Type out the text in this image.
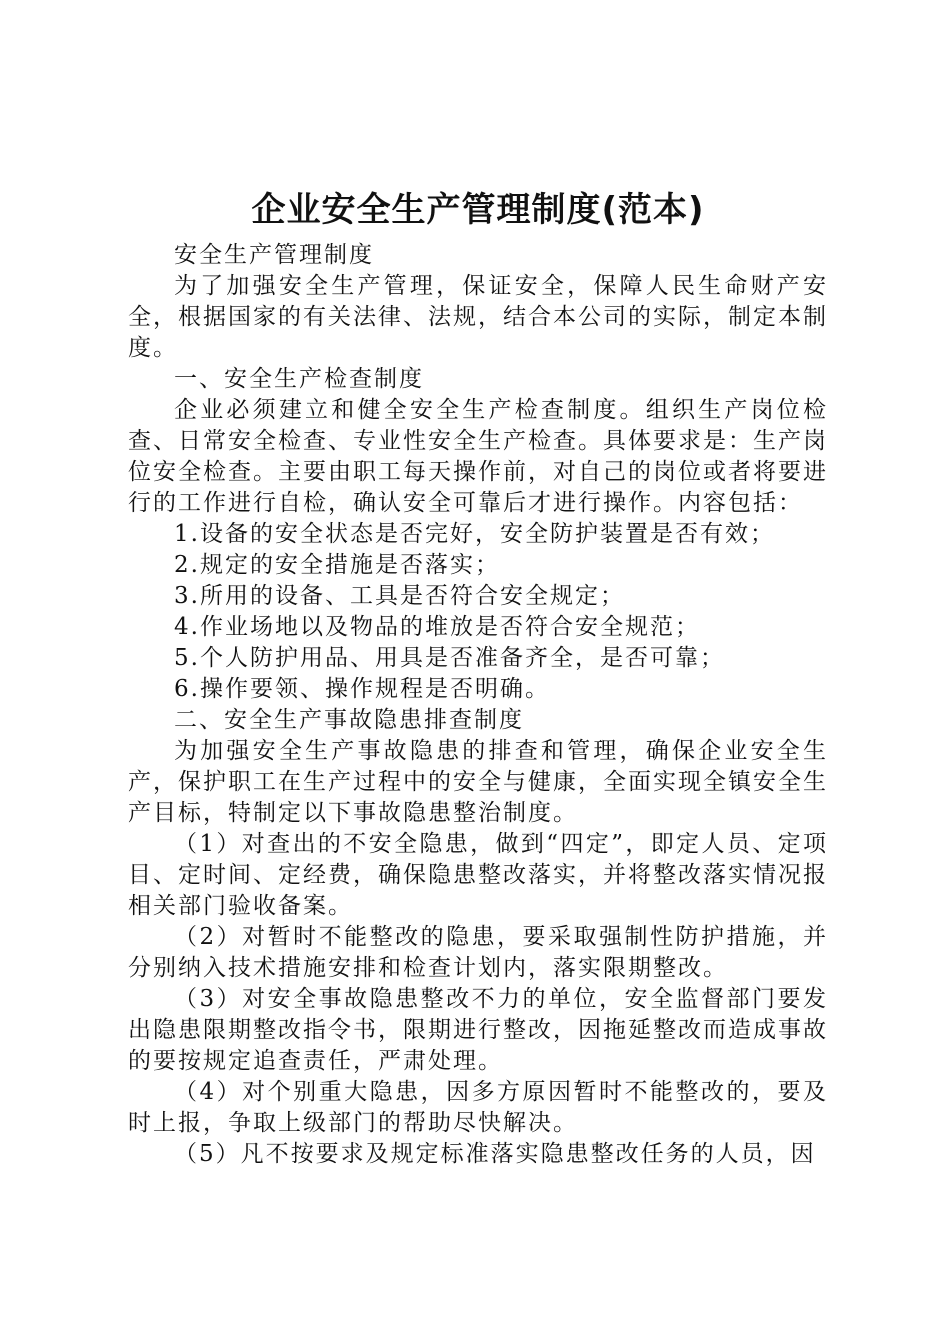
企业安全生产管理制度(范本)

安全生产管理制度

为了加强安全生产管理，保证安全，保障人民生命财产安全，根据国家的有关法律、法规，结合本公司的实际，制定本制度。

一、安全生产检查制度

企业必须建立和健全安全生产检查制度。组织生产岗位检查、日常安全检查、专业性安全生产检查。具体要求是：生产岗位安全检查。主要由职工每天操作前，对自己的岗位或者将要进行的工作进行自检，确认安全可靠后才进行操作。内容包括：

1.设备的安全状态是否完好，安全防护装置是否有效；

2.规定的安全措施是否落实；

3.所用的设备、工具是否符合安全规定；

4.作业场地以及物品的堆放是否符合安全规范；

5.个人防护用品、用具是否准备齐全，是否可靠；

6.操作要领、操作规程是否明确。

二、安全生产事故隐患排查制度

为加强安全生产事故隐患的排查和管理，确保企业安全生产，保护职工在生产过程中的安全与健康，全面实现全镇安全生产目标，特制定以下事故隐患整治制度。

（1）对查出的不安全隐患，做到“四定”，即定人员、定项目、定时间、定经费，确保隐患整改落实，并将整改落实情况报相关部门验收备案。

（2）对暂时不能整改的隐患，要采取强制性防护措施，并分别纳入技术措施安排和检查计划内，落实限期整改。

（3）对安全事故隐患整改不力的单位，安全监督部门要发出隐患限期整改指令书，限期进行整改，因拖延整改而造成事故的要按规定追查责任，严肃处理。

（4）对个别重大隐患，因多方原因暂时不能整改的，要及时上报，争取上级部门的帮助尽快解决。

（5）凡不按要求及规定标准落实隐患整改任务的人员，因
